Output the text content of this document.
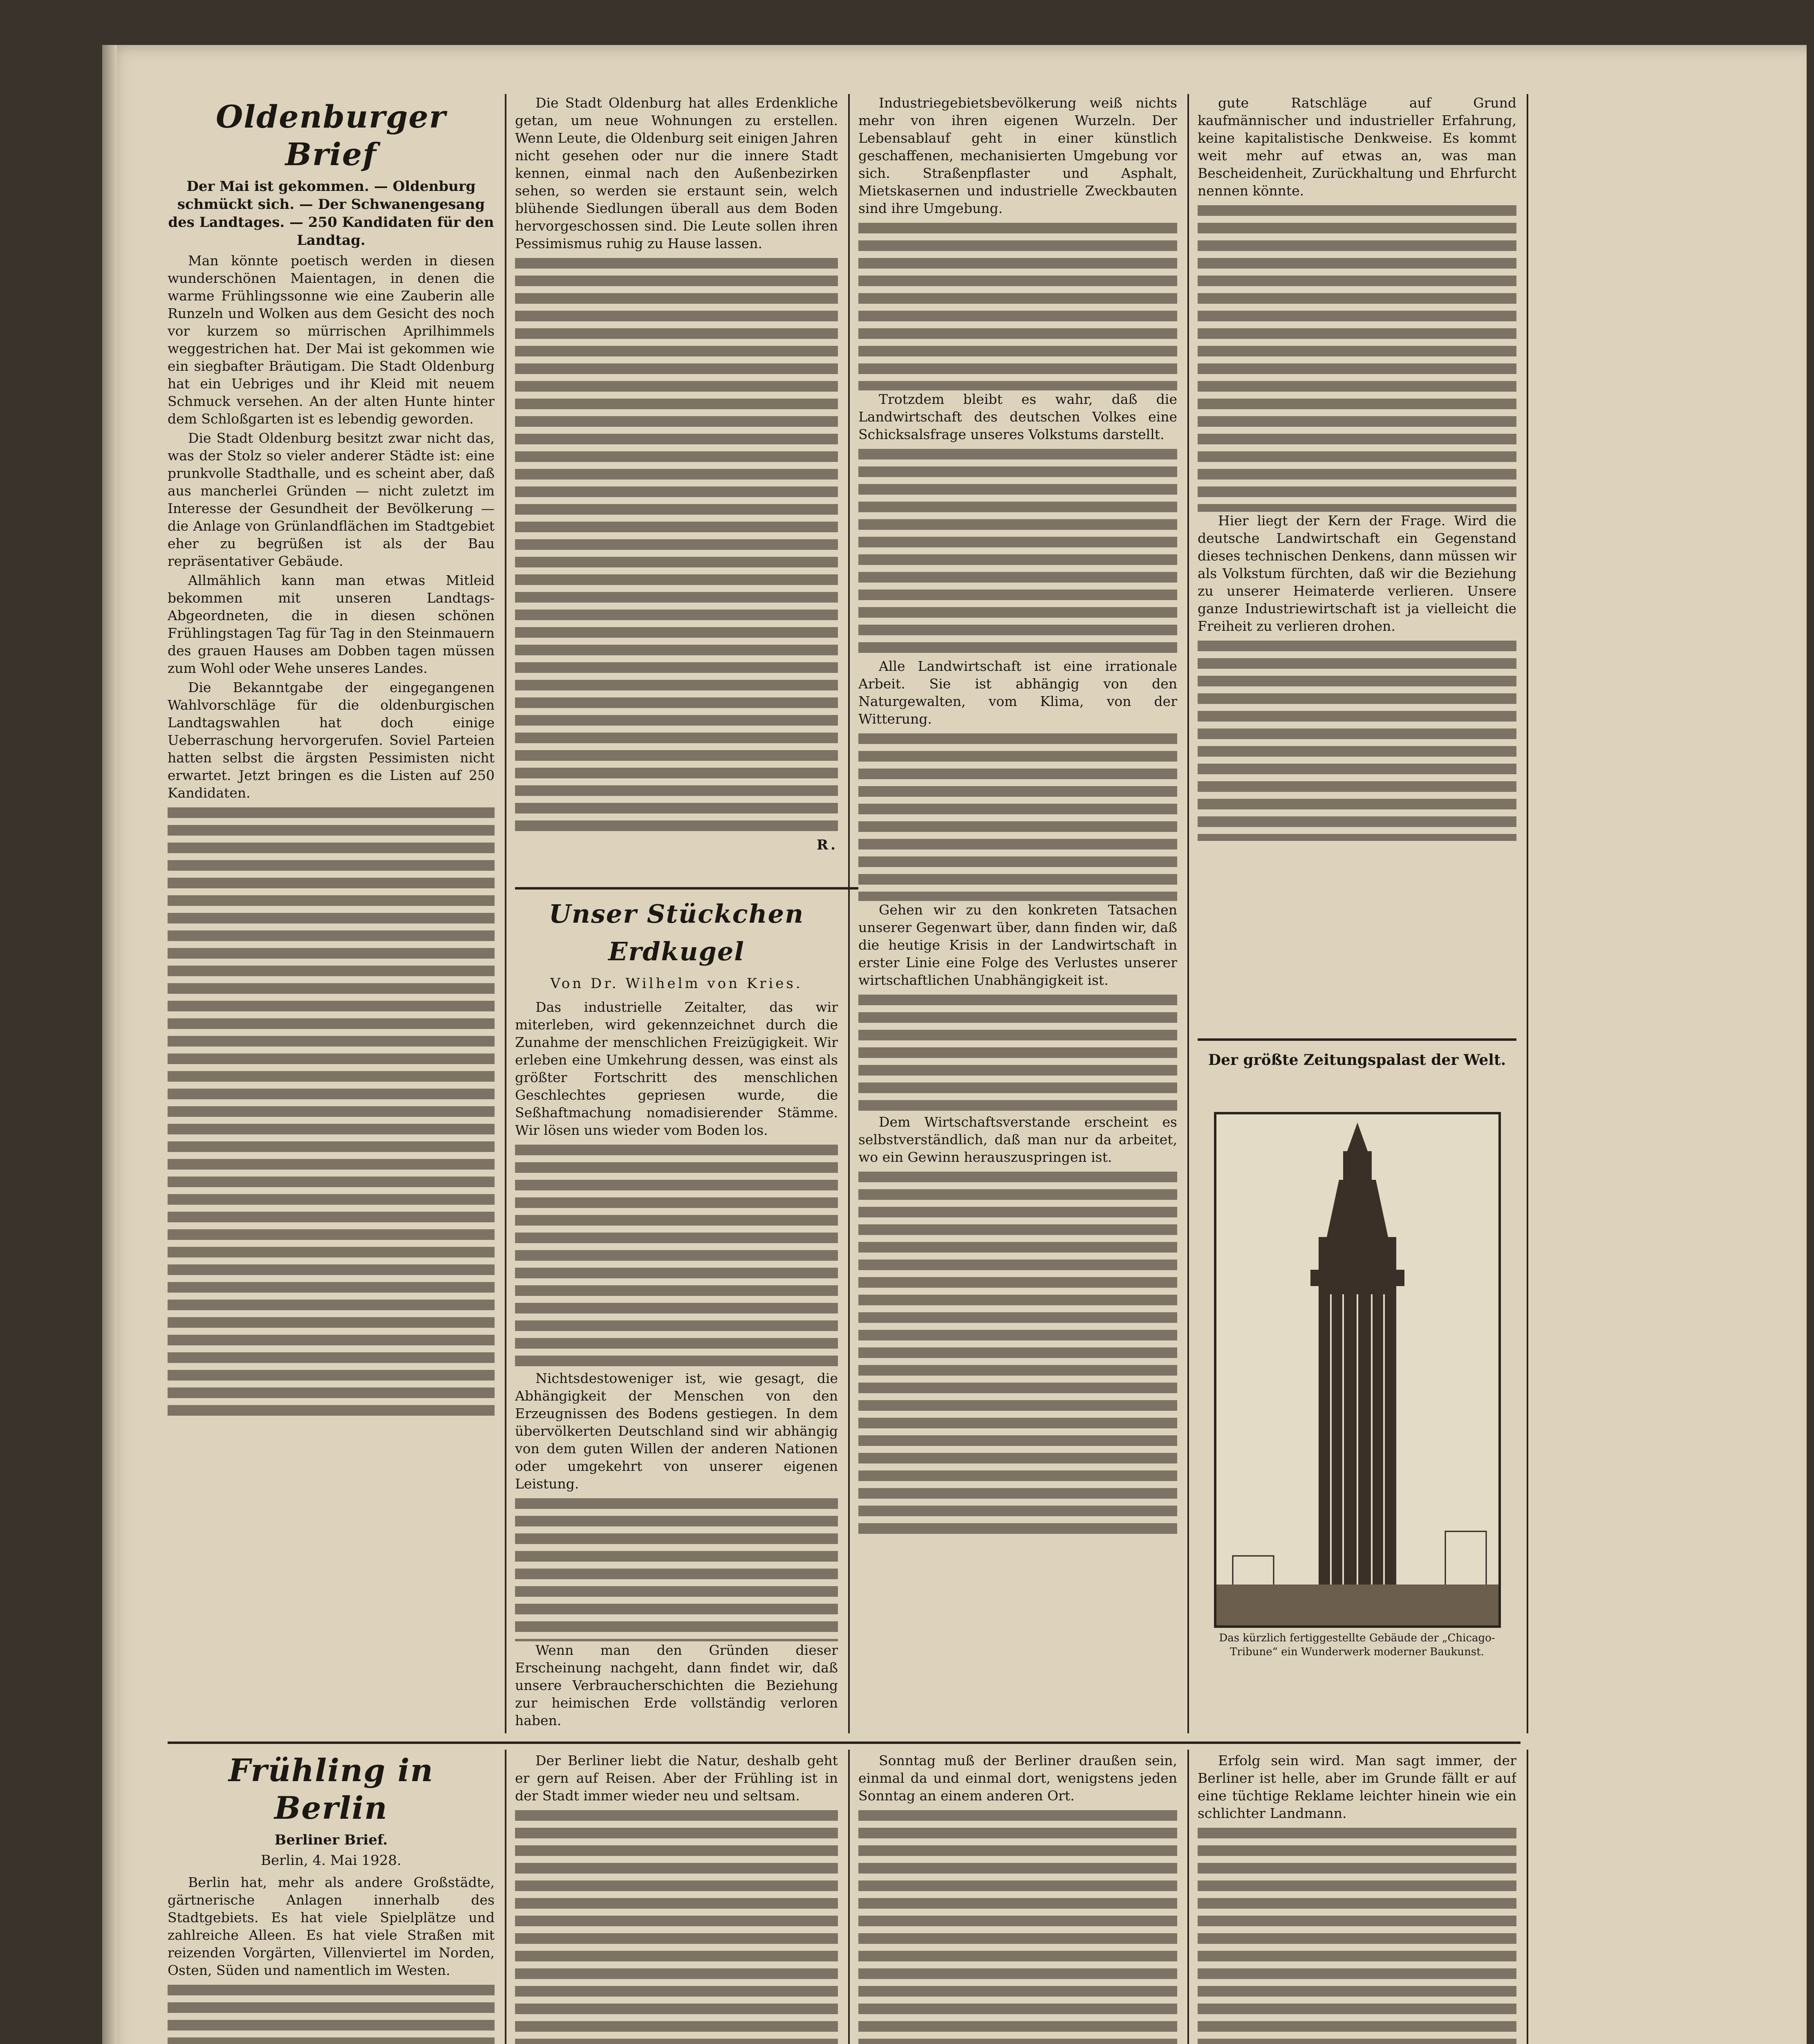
Oldenburger Brief
Der Mai ist gekommen. — Oldenburg schmückt sich. — Der Schwanengesang des Landtages. — 250 Kandidaten für den Landtag.

Man könnte poetisch werden in diesen wunderschönen Maientagen, in denen die warme Frühlingssonne wie eine Zauberin alle Runzeln und Wolken aus dem Gesicht des noch vor kurzem so mürrischen Aprilhimmels weggestrichen hat. Der Mai ist gekommen wie ein siegbafter Bräutigam. Die Stadt Oldenburg hat ein Uebriges und ihr Kleid mit neuem Schmuck versehen. An der alten Hunte hinter dem Schloßgarten ist es lebendig geworden.

Die Stadt Oldenburg besitzt zwar nicht das, was der Stolz so vieler anderer Städte ist: eine prunkvolle Stadthalle, und es scheint aber, daß aus mancherlei Gründen — nicht zuletzt im Interesse der Gesundheit der Bevölkerung — die Anlage von Grünlandflächen im Stadtgebiet eher zu begrüßen ist als der Bau repräsentativer Gebäude.

Allmählich kann man etwas Mitleid bekommen mit unseren Landtags-Abgeordneten, die in diesen schönen Frühlingstagen Tag für Tag in den Steinmauern des grauen Hauses am Dobben tagen müssen zum Wohl oder Wehe unseres Landes.

Die Bekanntgabe der eingegangenen Wahlvorschläge für die oldenburgischen Landtagswahlen hat doch einige Ueberraschung hervorgerufen. Soviel Parteien hatten selbst die ärgsten Pessimisten nicht erwartet. Jetzt bringen es die Listen auf 250 Kandidaten.

Die Stadt Oldenburg hat alles Erdenkliche getan, um neue Wohnungen zu erstellen. Wenn Leute, die Oldenburg seit einigen Jahren nicht gesehen oder nur die innere Stadt kennen, einmal nach den Außenbezirken sehen, so werden sie erstaunt sein, welch blühende Siedlungen überall aus dem Boden hervorgeschossen sind. Die Leute sollen ihren Pessimismus ruhig zu Hause lassen.

R.
Unser Stückchen Erdkugel
Von Dr. Wilhelm von Kries.

Das industrielle Zeitalter, das wir miterleben, wird gekennzeichnet durch die Zunahme der menschlichen Freizügigkeit. Wir erleben eine Umkehrung dessen, was einst als größter Fortschritt des menschlichen Geschlechtes gepriesen wurde, die Seßhaftmachung nomadisierender Stämme. Wir lösen uns wieder vom Boden los.

Nichtsdestoweniger ist, wie gesagt, die Abhängigkeit der Menschen von den Erzeugnissen des Bodens gestiegen. In dem übervölkerten Deutschland sind wir abhängig von dem guten Willen der anderen Nationen oder umgekehrt von unserer eigenen Leistung.

Wenn man den Gründen dieser Erscheinung nachgeht, dann findet wir, daß unsere Verbraucherschichten die Beziehung zur heimischen Erde vollständig verloren haben.

Industriegebietsbevölkerung weiß nichts mehr von ihren eigenen Wurzeln. Der Lebensablauf geht in einer künstlich geschaffenen, mechanisierten Umgebung vor sich. Straßenpflaster und Asphalt, Mietskasernen und industrielle Zweckbauten sind ihre Umgebung.

Trotzdem bleibt es wahr, daß die Landwirtschaft des deutschen Volkes eine Schicksalsfrage unseres Volkstums darstellt.

Alle Landwirtschaft ist eine irrationale Arbeit. Sie ist abhängig von den Naturgewalten, vom Klima, von der Witterung.

Gehen wir zu den konkreten Tatsachen unserer Gegenwart über, dann finden wir, daß die heutige Krisis in der Landwirtschaft in erster Linie eine Folge des Verlustes unserer wirtschaftlichen Unabhängigkeit ist.

Dem Wirtschaftsverstande erscheint es selbstverständlich, daß man nur da arbeitet, wo ein Gewinn herauszuspringen ist.

gute Ratschläge auf Grund kaufmännischer und industrieller Erfahrung, keine kapitalistische Denkweise. Es kommt weit mehr auf etwas an, was man Bescheidenheit, Zurückhaltung und Ehrfurcht nennen könnte.

Hier liegt der Kern der Frage. Wird die deutsche Landwirtschaft ein Gegenstand dieses technischen Denkens, dann müssen wir als Volkstum fürchten, daß wir die Beziehung zu unserer Heimaterde verlieren. Unsere ganze Industriewirtschaft ist ja vielleicht die Freiheit zu verlieren drohen.

Der größte Zeitungspalast der Welt.
Das kürzlich fertiggestellte Gebäude der „Chicago-Tribune“ ein Wunderwerk moderner Baukunst.
Frühling in Berlin
Berliner Brief.
Berlin, 4. Mai 1928.

Berlin hat, mehr als andere Großstädte, gärtnerische Anlagen innerhalb des Stadtgebiets. Es hat viele Spielplätze und zahlreiche Alleen. Es hat viele Straßen mit reizenden Vorgärten, Villenviertel im Norden, Osten, Süden und namentlich im Westen.

Der Berliner liebt die Natur, deshalb geht er gern auf Reisen. Aber der Frühling ist in der Stadt immer wieder neu und seltsam.

Sonntag muß der Berliner draußen sein, einmal da und einmal dort, wenigstens jeden Sonntag an einem anderen Ort.

Erfolg sein wird. Man sagt immer, der Berliner ist helle, aber im Grunde fällt er auf eine tüchtige Reklame leichter hinein wie ein schlichter Landmann.
